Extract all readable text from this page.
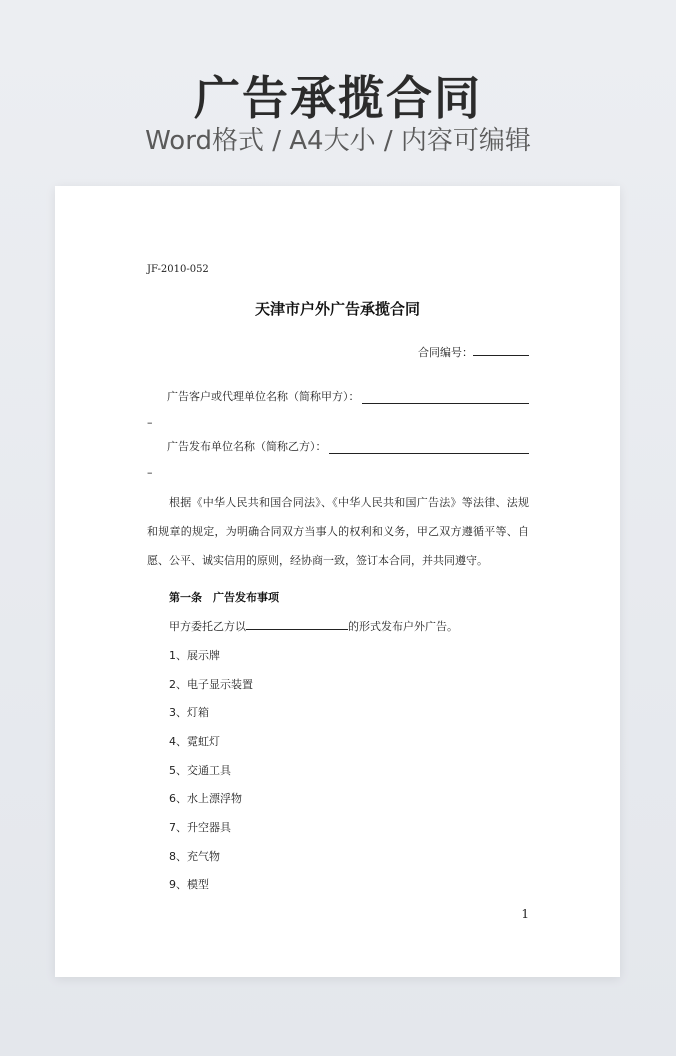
广告承揽合同
Word格式 / A4大小 / 内容可编辑
JF-2010-052
天津市户外广告承揽合同
合同编号：
广告客户或代理单位名称（简称甲方）：
–
广告发布单位名称（简称乙方）：
–
根据《中华人民共和国合同法》、《中华人民共和国广告法》等法律、法规和规章的规定，为明确合同双方当事人的权利和义务，甲乙双方遵循平等、自愿、公平、诚实信用的原则，经协商一致，签订本合同，并共同遵守。
第一条　广告发布事项
甲方委托乙方以	的形式发布户外广告。
1、展示牌
2、电子显示装置
3、灯箱
4、霓虹灯
5、交通工具
6、水上漂浮物
7、升空器具
8、充气物
9、模型
1
